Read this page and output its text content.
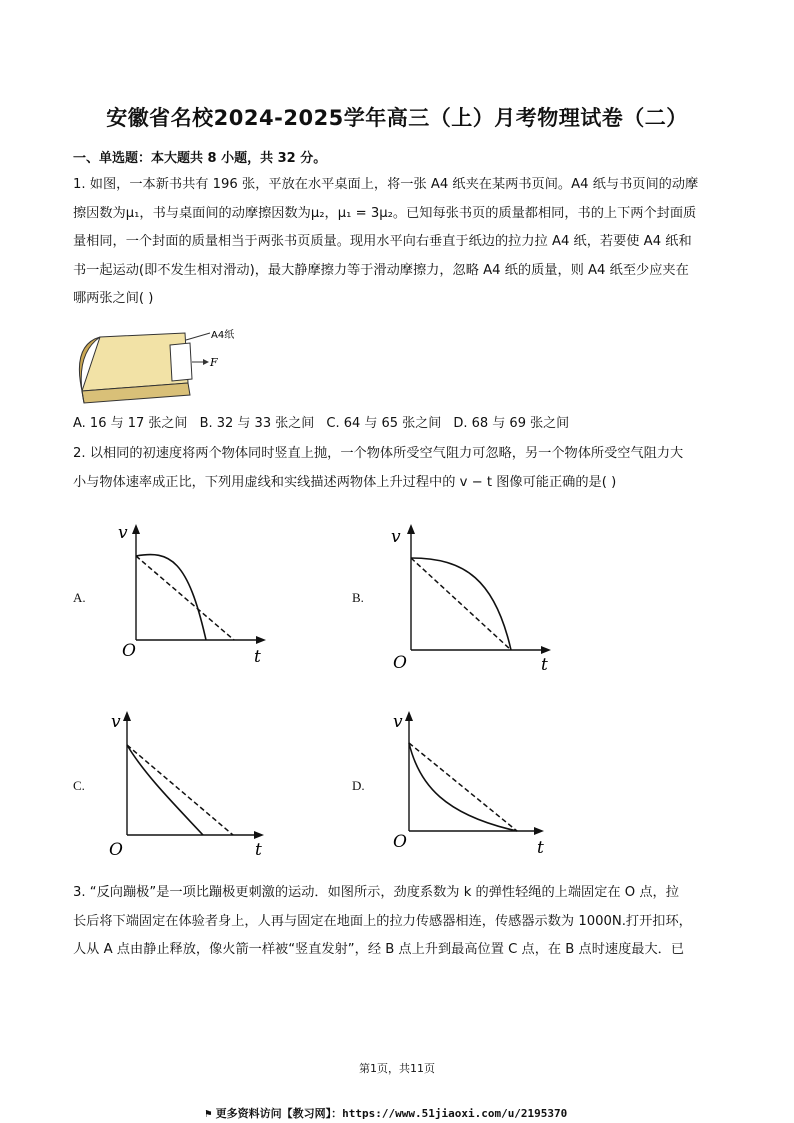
安徽省名校2024-2025学年高三（上）月考物理试卷（二）
一、单选题：本大题共 8 小题，共 32 分。
1. 如图，一本新书共有 196 张，平放在水平桌面上，将一张 A4 纸夹在某两书页间。A4 纸与书页间的动摩
擦因数为μ₁，书与桌面间的动摩擦因数为μ₂，μ₁ = 3μ₂。已知每张书页的质量都相同，书的上下两个封面质
量相同，一个封面的质量相当于两张书页质量。现用水平向右垂直于纸边的拉力拉 A4 纸，若要使 A4 纸和
书一起运动(即不发生相对滑动)，最大静摩擦力等于滑动摩擦力，忽略 A4 纸的质量，则 A4 纸至少应夹在
哪两张之间( )
A4纸
F
A. 16 与 17 张之间 B. 32 与 33 张之间 C. 64 与 65 张之间 D. 68 与 69 张之间
2. 以相同的初速度将两个物体同时竖直上抛，一个物体所受空气阻力可忽略，另一个物体所受空气阻力大
小与物体速率成正比，下列用虚线和实线描述两物体上升过程中的 v − t 图像可能正确的是( )
A.
v
O	t
B.
v
O	t
C.
v
O	t
D.
v
O	t
3. “反向蹦极”是一项比蹦极更刺激的运动．如图所示，劲度系数为 k 的弹性轻绳的上端固定在 O 点，拉
长后将下端固定在体验者身上，人再与固定在地面上的拉力传感器相连，传感器示数为 1000N.打开扣环，
人从 A 点由静止释放，像火箭一样被“竖直发射”，经 B 点上升到最高位置 C 点，在 B 点时速度最大．已
第1页，共11页
⚑ 更多资料访问【教习网】：https://www.51jiaoxi.com/u/2195370
